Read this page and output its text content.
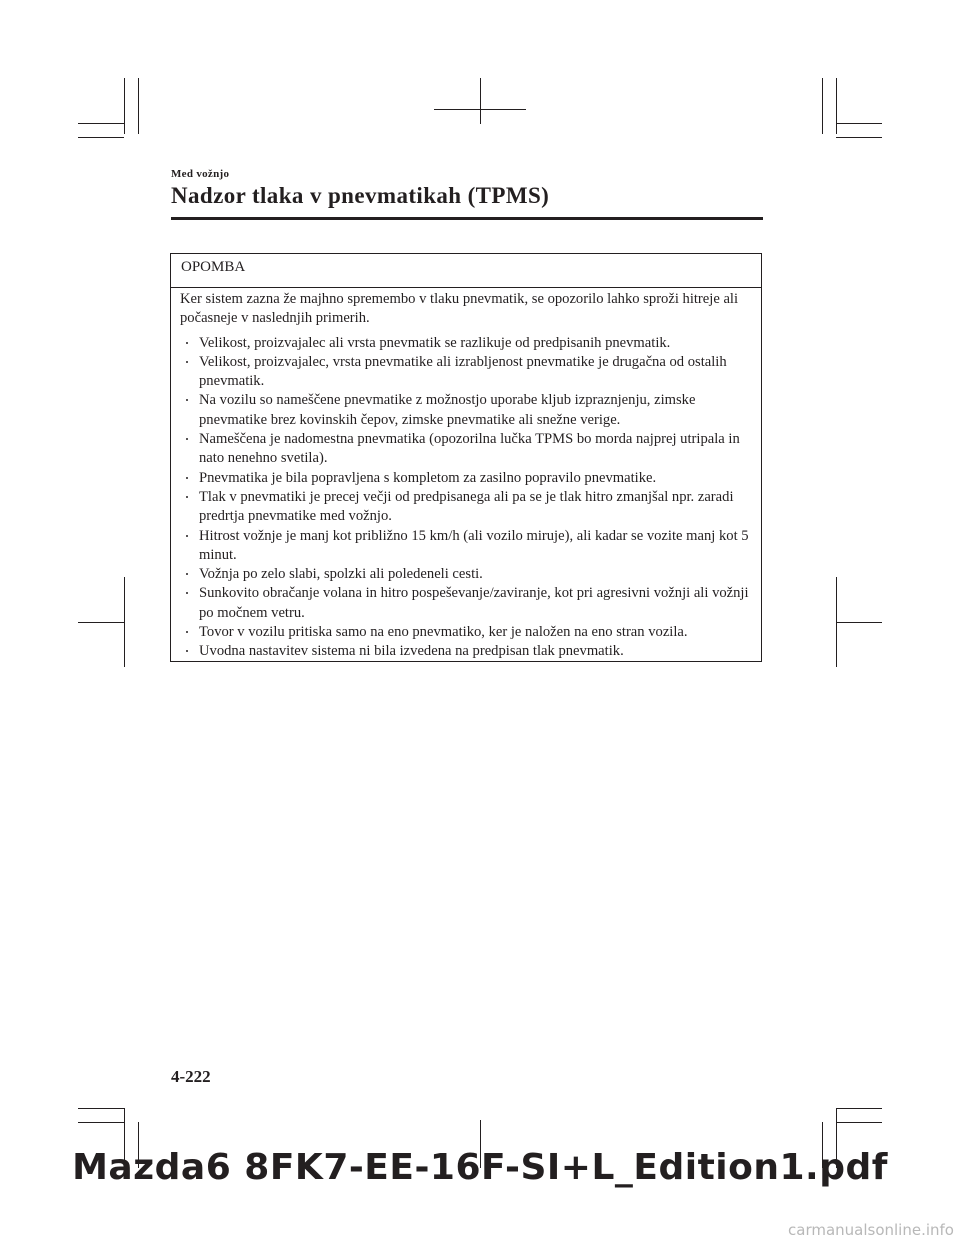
Med vožnjo
Nadzor tlaka v pnevmatikah (TPMS)
OPOMBA

Ker sistem zazna že majhno spremembo v tlaku pnevmatik, se opozorilo lahko sproži hitreje ali počasneje v naslednjih primerih.

Velikost, proizvajalec ali vrsta pnevmatik se razlikuje od predpisanih pnevmatik.
Velikost, proizvajalec, vrsta pnevmatike ali izrabljenost pnevmatike je drugačna od ostalih pnevmatik.
Na vozilu so nameščene pnevmatike z možnostjo uporabe kljub izpraznjenju, zimske pnevmatike brez kovinskih čepov, zimske pnevmatike ali snežne verige.
Nameščena je nadomestna pnevmatika (opozorilna lučka TPMS bo morda najprej utripala in nato nenehno svetila).
Pnevmatika je bila popravljena s kompletom za zasilno popravilo pnevmatike.
Tlak v pnevmatiki je precej večji od predpisanega ali pa se je tlak hitro zmanjšal npr. zaradi predrtja pnevmatike med vožnjo.
Hitrost vožnje je manj kot približno 15 km/h (ali vozilo miruje), ali kadar se vozite manj kot 5 minut.
Vožnja po zelo slabi, spolzki ali poledeneli cesti.
Sunkovito obračanje volana in hitro pospeševanje/zaviranje, kot pri agresivni vožnji ali vožnji po močnem vetru.
Tovor v vozilu pritiska samo na eno pnevmatiko, ker je naložen na eno stran vozila.
Uvodna nastavitev sistema ni bila izvedena na predpisan tlak pnevmatik.
4-222
Mazda6 8FK7-EE-16F-SI+L_Edition1.pdf
carmanualsonline.info
